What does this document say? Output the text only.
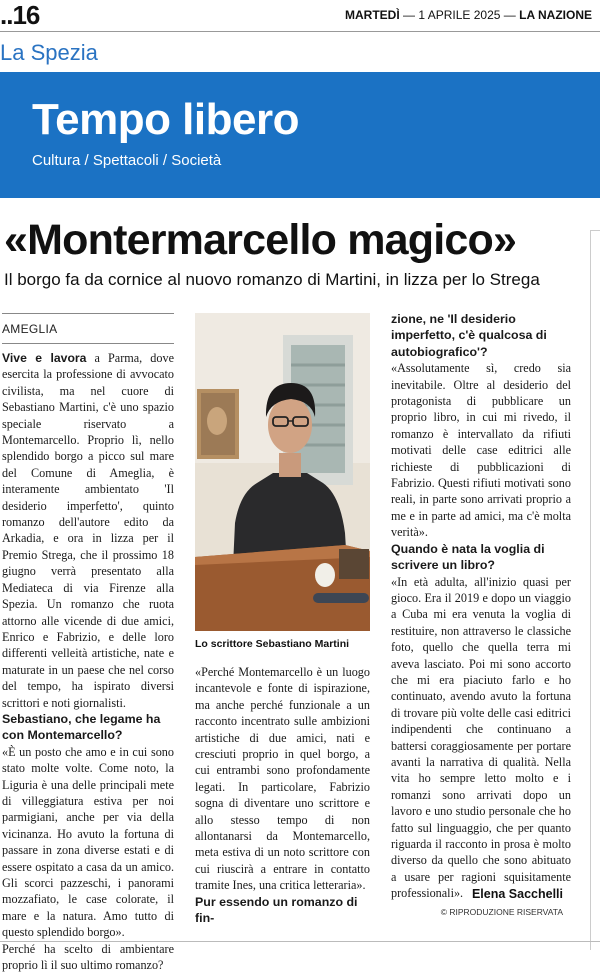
..16	MARTEDÌ — 1 APRILE 2025 — LA NAZIONE
La Spezia
Tempo libero
Cultura / Spettacoli / Società
«Montermarcello magico»
Il borgo fa da cornice al nuovo romanzo di Martini, in lizza per lo Strega
AMEGLIA

Vive e lavora a Parma, dove esercita la professione di avvocato civilista, ma nel cuore di Sebastiano Martini, c'è uno spazio speciale riservato a Montemarcello. Proprio lì, nello splendido borgo a picco sul mare del Comune di Ameglia, è interamente ambientato 'Il desiderio imperfetto', quinto romanzo dell'autore edito da Arkadia, e ora in lizza per il Premio Strega, che il prossimo 18 giugno verrà presentato alla Mediateca di via Firenze alla Spezia. Un romanzo che ruota attorno alle vicende di due amici, Enrico e Fabrizio, e delle loro differenti velleità artistiche, nate e maturate in un paese che nel corso del tempo, ha ispirato diversi scrittori e noti giornalisti.

Sebastiano, che legame ha con Montemarcello?

«È un posto che amo e in cui sono stato molte volte. Come noto, la Liguria è una delle principali mete di villeggiatura estiva per noi parmigiani, anche per via della vicinanza. Ho avuto la fortuna di passare in zona diverse estati e di essere ospitato a casa da un amico. Gli scorci pazzeschi, i panorami mozzafiato, le case colorate, il mare e la natura. Amo tutto di questo splendido borgo».

Perché ha scelto di ambientare proprio lì il suo ultimo romanzo?

Lo scrittore Sebastiano Martini

«Perché Montemarcello è un luogo incantevole e fonte di ispirazione, ma anche perché funzionale a un racconto incentrato sulle ambizioni artistiche di due amici, nati e cresciuti proprio in quel borgo, a cui entrambi sono profondamente legati. In particolare, Fabrizio sogna di diventare uno scrittore e allo stesso tempo di non allontanarsi da Montemarcello, meta estiva di un noto scrittore con cui riuscirà a entrare in contatto tramite Ines, una critica letteraria».

Pur essendo un romanzo di fin-

zione, ne 'Il desiderio imperfetto, c'è qualcosa di autobiografico'?

«Assolutamente sì, credo sia inevitabile. Oltre al desiderio del protagonista di pubblicare un proprio libro, in cui mi rivedo, il romanzo è intervallato da rifiuti motivati delle case editrici alle richieste di pubblicazioni di Fabrizio. Questi rifiuti motivati sono reali, in parte sono arrivati proprio a me e in parte ad amici, ma c'è molta verità».

Quando è nata la voglia di scrivere un libro?

«In età adulta, all'inizio quasi per gioco. Era il 2019 e dopo un viaggio a Cuba mi era venuta la voglia di restituire, non attraverso le classiche foto, quello che quella terra mi aveva lasciato. Poi mi sono accorto che mi era piaciuto farlo e ho continuato, avendo avuto la fortuna di trovare più volte delle casi editrici indipendenti che continuano a battersi coraggiosamente per portare avanti la narrativa di qualità. Nella vita ho sempre letto molto e i romanzi sono arrivati dopo un lavoro e uno studio personale che ho fatto sul linguaggio, che per quanto riguarda il racconto in prosa è molto diverso da quello che sono abituato a usare per ragioni squisitamente professionali». Elena Sacchelli
© RIPRODUZIONE RISERVATA
